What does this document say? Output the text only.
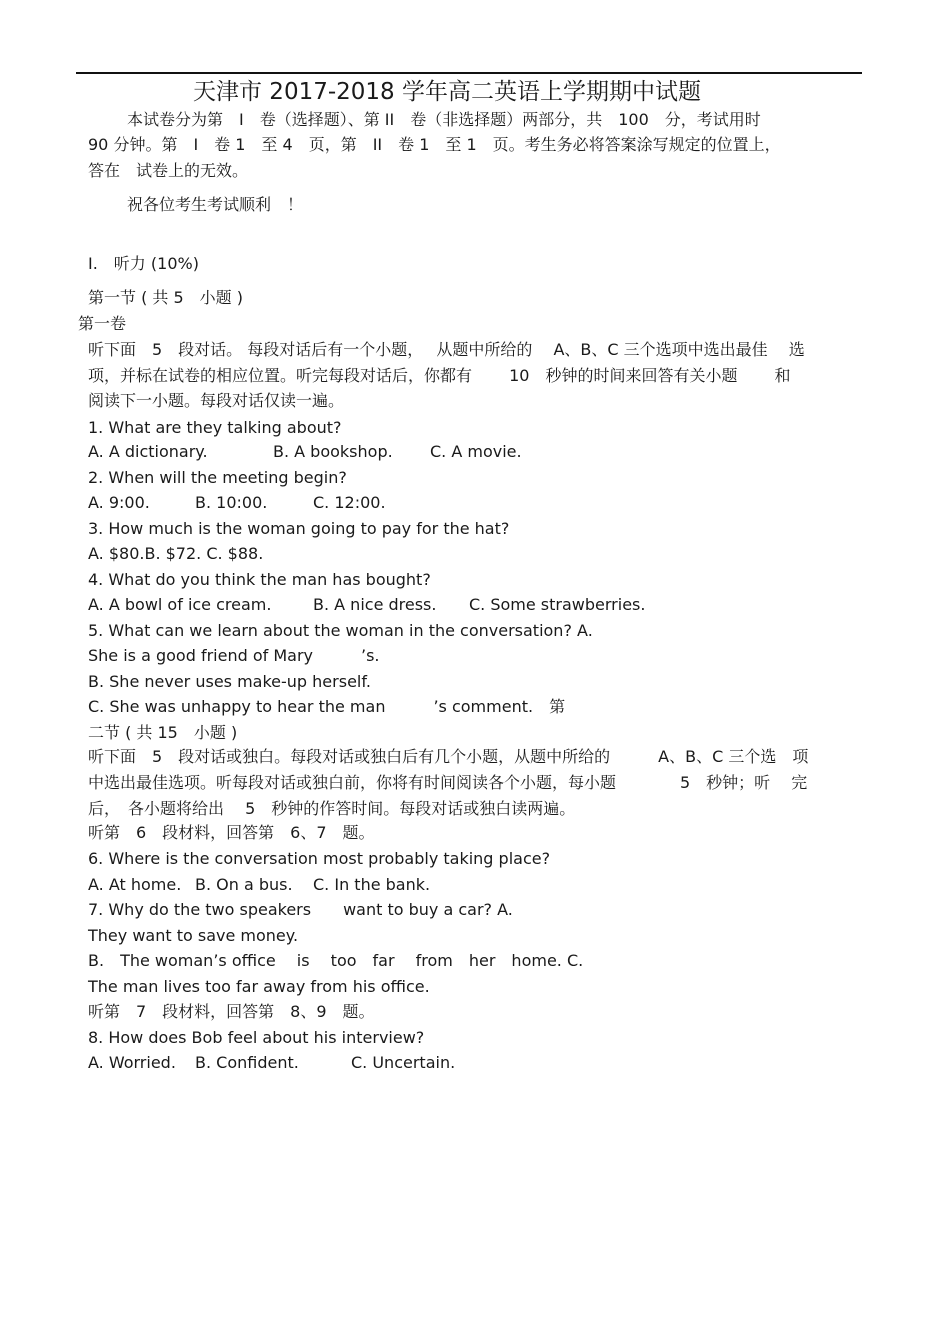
天津市 2017-2018 学年高二英语上学期期中试题
本试卷分为第　I　卷（选择题）、第 II　卷（非选择题）两部分，共　100　分，考试用时
90 分钟。第　I　卷 1　至 4　页，第　II　卷 1　至 1　页。考生务必将答案涂写规定的位置上，
答在　试卷上的无效。
祝各位考生考试顺利　！
I.　听力 (10%)
第一节 ( 共 5　小题 )
第一卷
听下面　5　段对话。 每段对话后有一个小题，　 从题中所给的　 A、B、C 三个选项中选出最佳　 选
项，并标在试卷的相应位置。听完每段对话后，你都有　　 10　秒钟的时间来回答有关小题　　 和
阅读下一小题。每段对话仅读一遍。
1. What are they talking about?
A. A dictionary.	B. A bookshop. C. A movie.
2. When will the meeting begin?
A. 9:00.	B. 10:00.	C. 12:00.
3. How much is the woman going to pay for the hat?
A. $80.B. $72. C. $88.
4. What do you think the man has bought?
A. A bowl of ice cream.	B. A nice dress. C. Some strawberries.
5. What can we learn about the woman in the conversation? A.
She is a good friend of Mary　　　’s.
B. She never uses make-up herself.
C. She was unhappy to hear the man　　　’s comment.　第
二节 ( 共 15　小题 )
听下面　5　段对话或独白。每段对话或独白后有几个小题，从题中所给的　　　A、B、C 三个选　项
中选出最佳选项。听每段对话或独白前，你将有时间阅读各个小题，每小题　　　　5　秒钟；听　 完
后，　各小题将给出　 5　秒钟的作答时间。每段对话或独白读两遍。
听第　6　段材料，回答第　6、7　题。
6. Where is the conversation most probably taking place?
A. At home. B. On a bus. C. In the bank.
7. Why do the two speakers　　want to buy a car? A.
They want to save money.
B.　The woman’s office　 is　 too　far　 from　her　home. C.
The man lives too far away from his office.
听第　7　段材料，回答第　8、9　题。
8. How does Bob feel about his interview?
A. Worried. B. Confident.	C. Uncertain.
